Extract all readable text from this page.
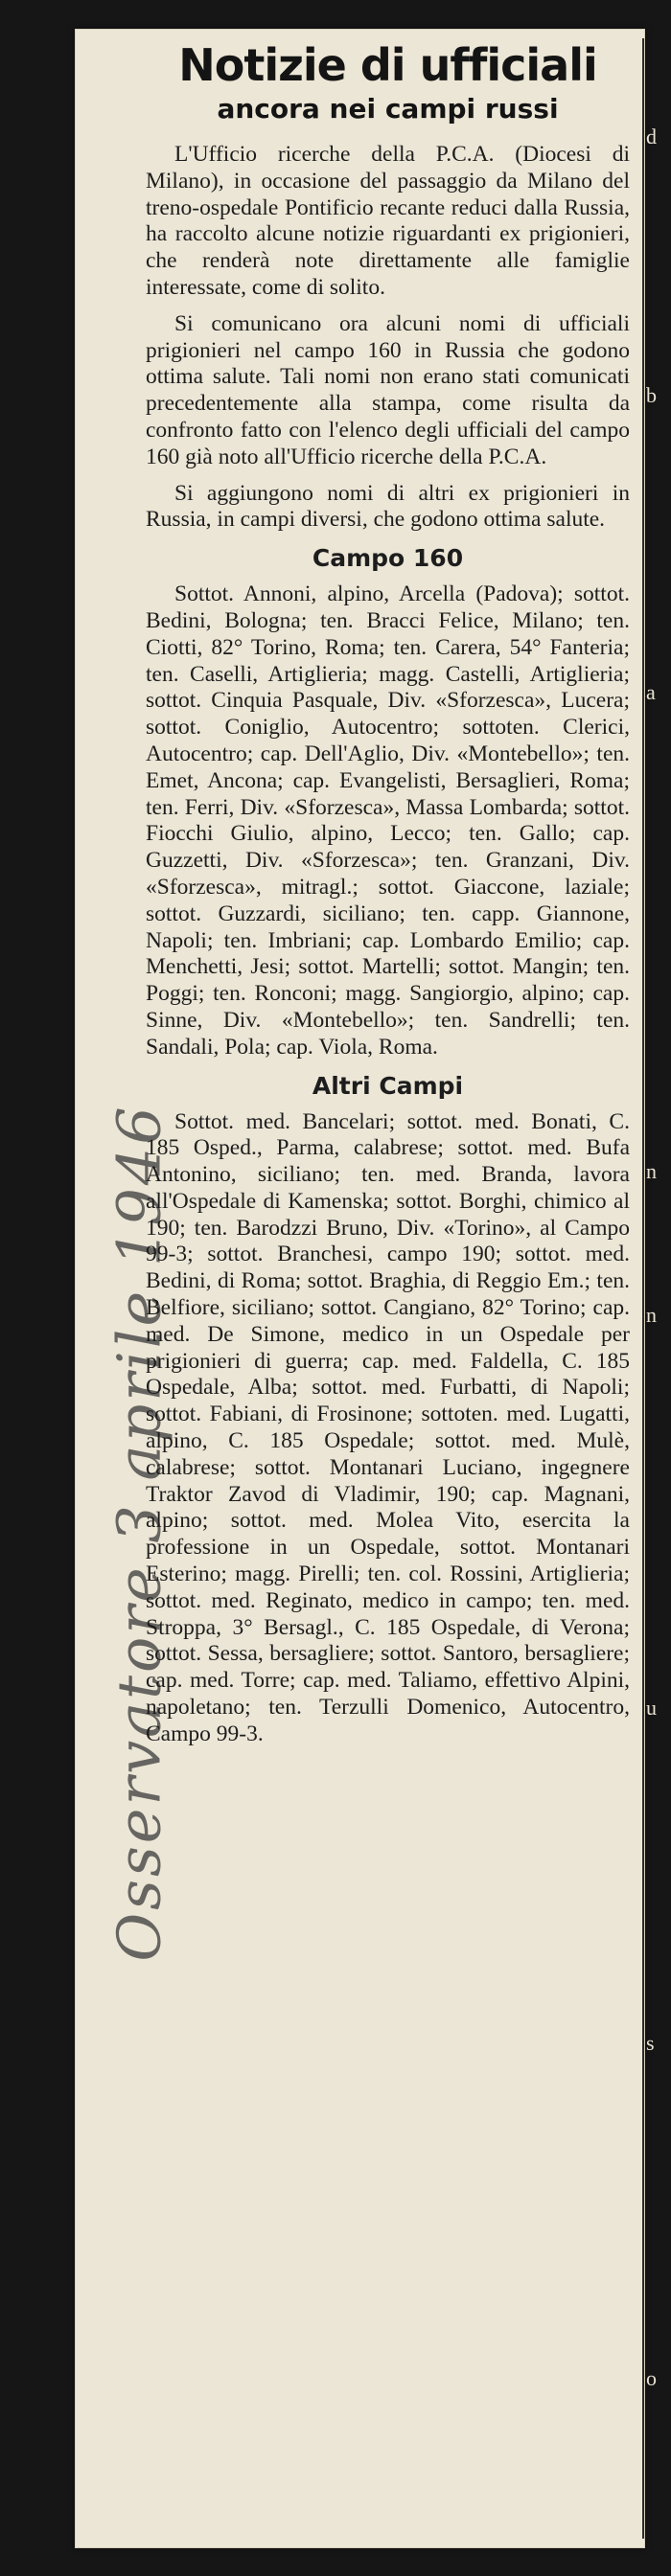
Osservatore 3 aprile 1946
Notizie di ufficiali
ancora nei campi russi

L'Ufficio ricerche della P.C.A. (Diocesi di Milano), in occasione del passaggio da Milano del treno-ospedale Pontificio recante reduci dalla Russia, ha raccolto alcune notizie riguardanti ex prigionieri, che renderà note direttamente alle famiglie interessate, come di solito.

Si comunicano ora alcuni nomi di ufficiali prigionieri nel campo 160 in Russia che godono ottima salute. Tali nomi non erano stati comunicati precedentemente alla stampa, come risulta da confronto fatto con l'elenco degli ufficiali del campo 160 già noto all'Ufficio ricerche della P.C.A.

Si aggiungono nomi di altri ex prigionieri in Russia, in campi diversi, che godono ottima salute.

Campo 160

Sottot. Annoni, alpino, Arcella (Padova); sottot. Bedini, Bologna; ten. Bracci Felice, Milano; ten. Ciotti, 82° Torino, Roma; ten. Carera, 54° Fanteria; ten. Caselli, Artiglieria; magg. Castelli, Artiglieria; sottot. Cinquia Pasquale, Div. «Sforzesca», Lucera; sottot. Coniglio, Autocentro; sottoten. Clerici, Autocentro; cap. Dell'Aglio, Div. «Montebello»; ten. Emet, Ancona; cap. Evangelisti, Bersaglieri, Roma; ten. Ferri, Div. «Sforzesca», Massa Lombarda; sottot. Fiocchi Giulio, alpino, Lecco; ten. Gallo; cap. Guzzetti, Div. «Sforzesca»; ten. Granzani, Div. «Sforzesca», mitragl.; sottot. Giaccone, laziale; sottot. Guzzardi, siciliano; ten. capp. Giannone, Napoli; ten. Imbriani; cap. Lombardo Emilio; cap. Menchetti, Jesi; sottot. Martelli; sottot. Mangin; ten. Poggi; ten. Ronconi; magg. Sangiorgio, alpino; cap. Sinne, Div. «Montebello»; ten. Sandrelli; ten. Sandali, Pola; cap. Viola, Roma.

Altri Campi

Sottot. med. Bancelari; sottot. med. Bonati, C. 185 Osped., Parma, calabrese; sottot. med. Bufa Antonino, siciliano; ten. med. Branda, lavora all'Ospedale di Kamenska; sottot. Borghi, chimico al 190; ten. Barodzzi Bruno, Div. «Torino», al Campo 99-3; sottot. Branchesi, campo 190; sottot. med. Bedini, di Roma; sottot. Braghia, di Reggio Em.; ten. Belfiore, siciliano; sottot. Cangiano, 82° Torino; cap. med. De Simone, medico in un Ospedale per prigionieri di guerra; cap. med. Faldella, C. 185 Ospedale, Alba; sottot. med. Furbatti, di Napoli; sottot. Fabiani, di Frosinone; sottoten. med. Lugatti, alpino, C. 185 Ospedale; sottot. med. Mulè, calabrese; sottot. Montanari Luciano, ingegnere Traktor Zavod di Vladimir, 190; cap. Magnani, alpino; sottot. med. Molea Vito, esercita la professione in un Ospedale, sottot. Montanari Esterino; magg. Pirelli; ten. col. Rossini, Artiglieria; sottot. med. Reginato, medico in campo; ten. med. Stroppa, 3° Bersagl., C. 185 Ospedale, di Verona; sottot. Sessa, bersagliere; sottot. Santoro, bersagliere; cap. med. Torre; cap. med. Taliamo, effettivo Alpini, napoletano; ten. Terzulli Domenico, Autocentro, Campo 99-3.

d
b
a
n
n
u
s
o
